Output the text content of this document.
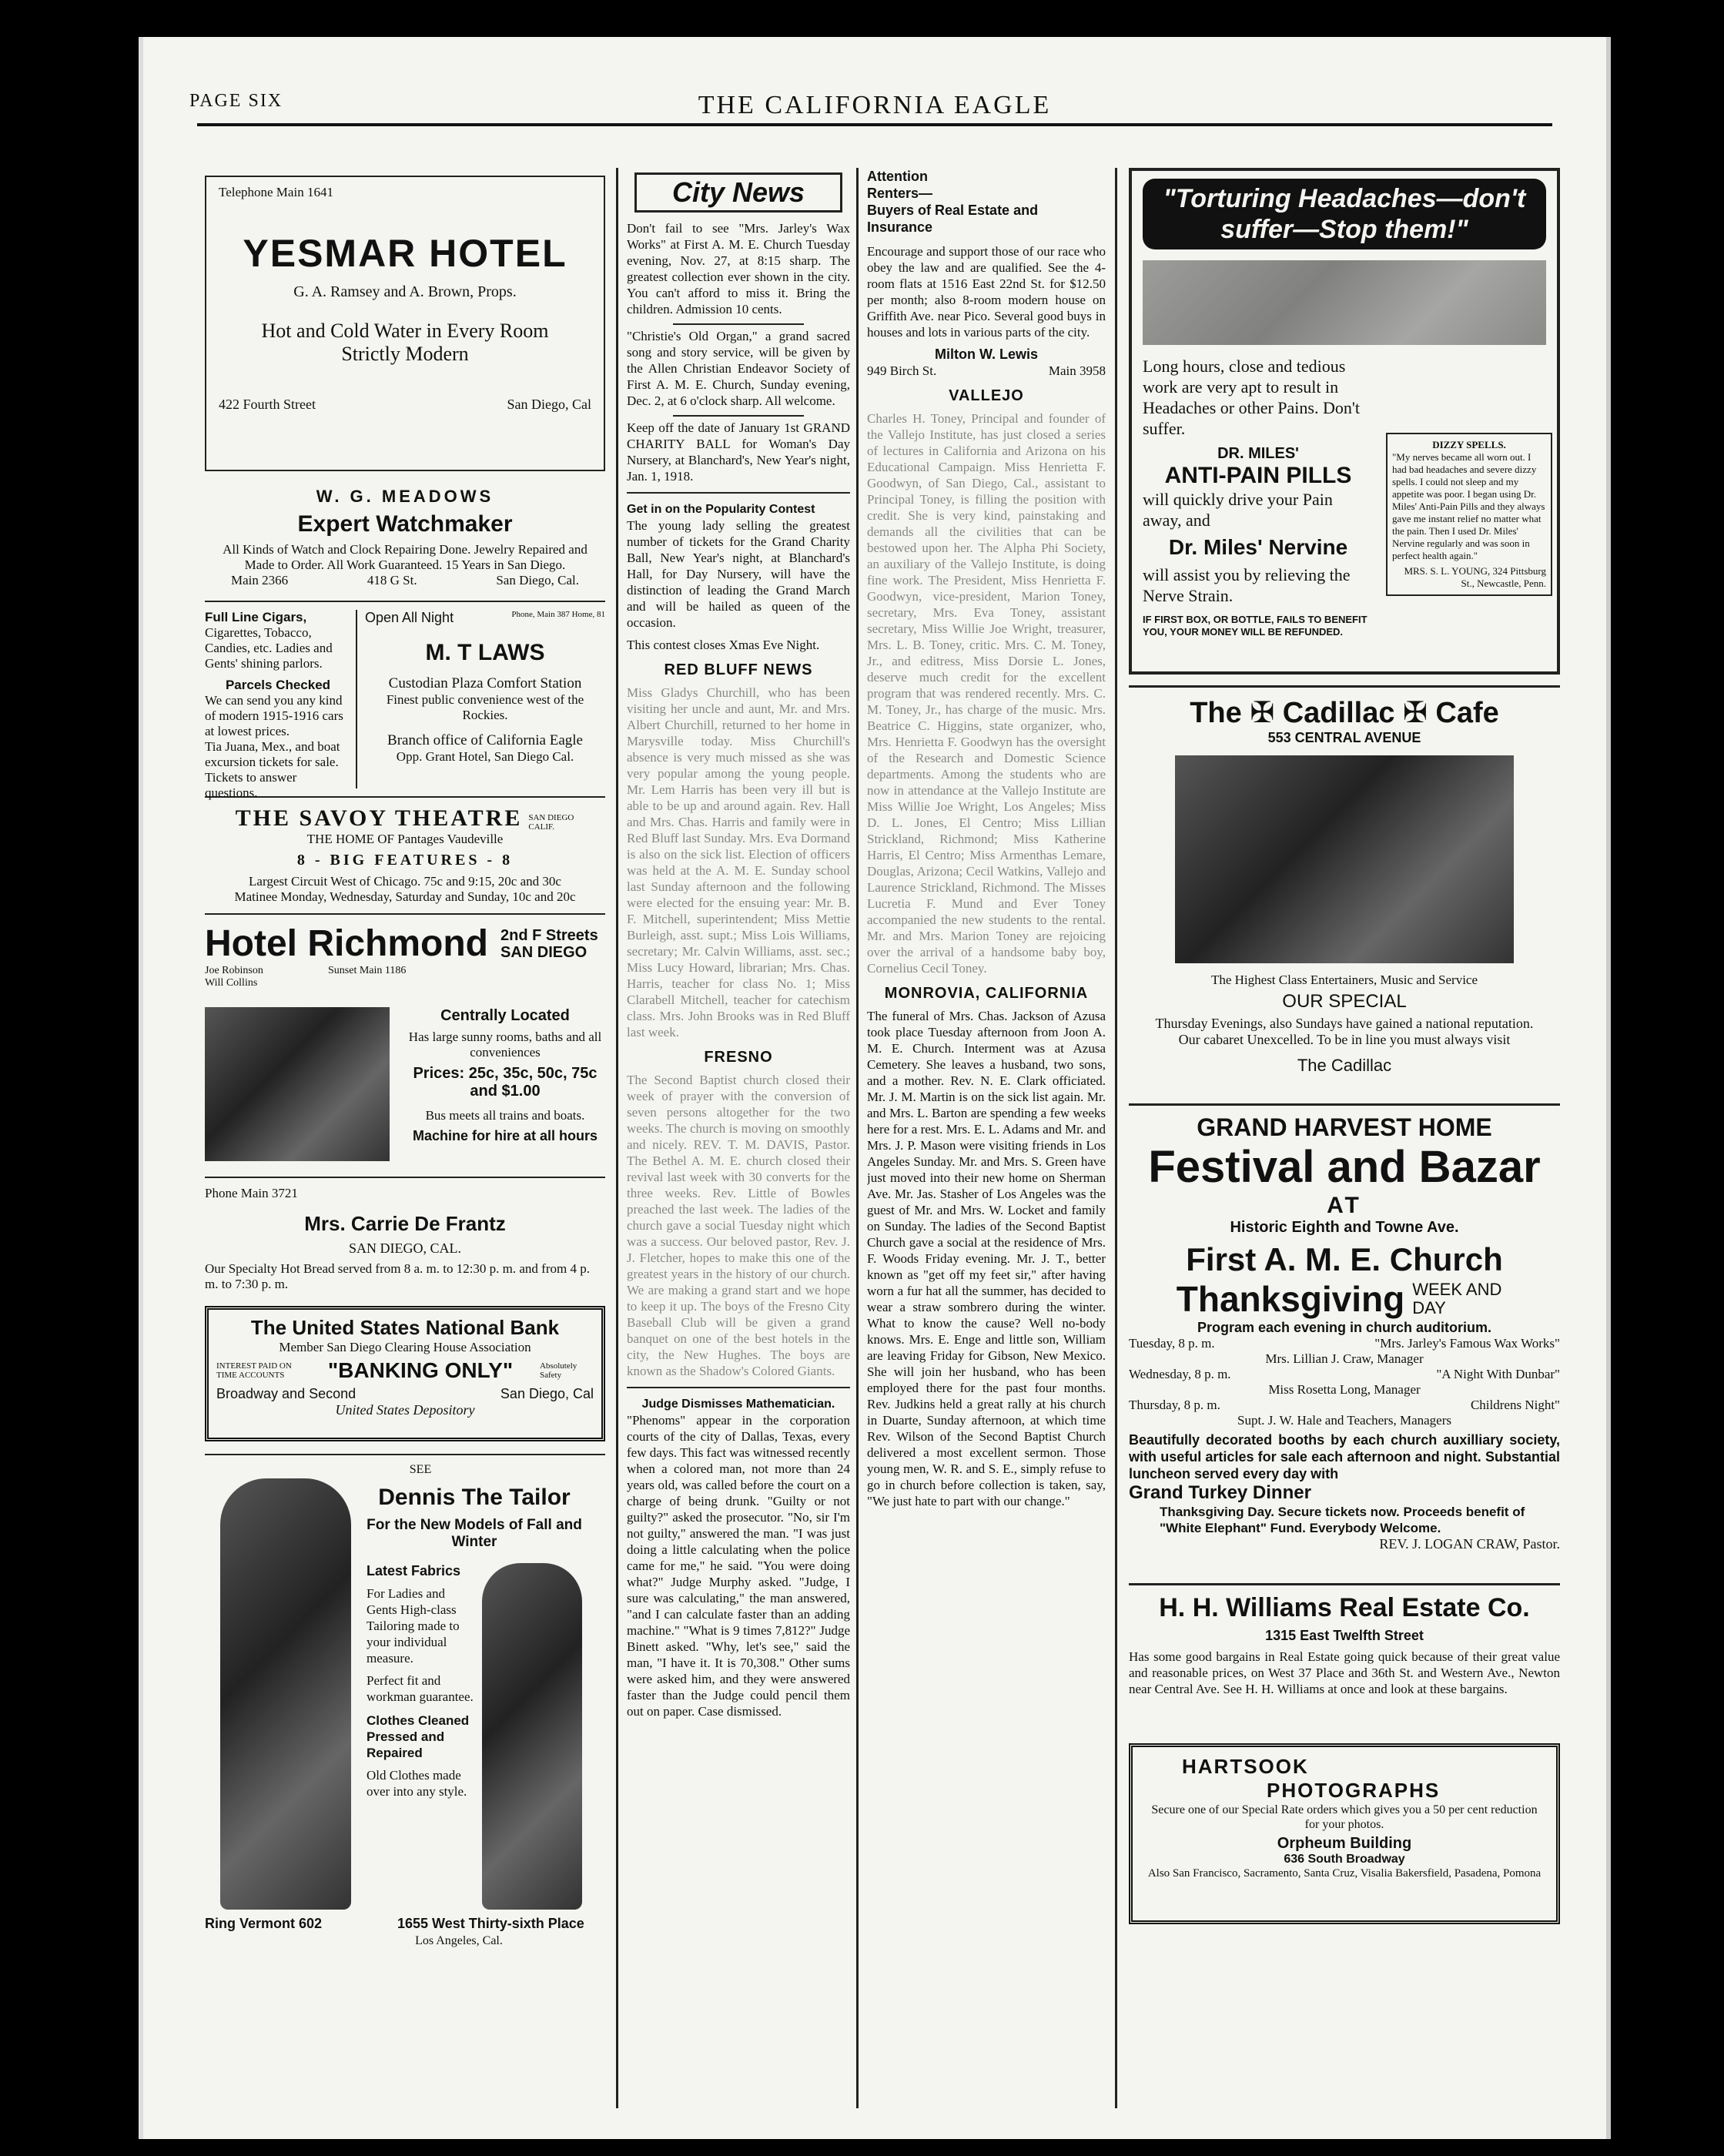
PAGE SIX	THE CALIFORNIA EAGLE
Telephone Main 1641
YESMAR HOTEL
G. A. Ramsey and A. Brown, Props.
Hot and Cold Water in Every Room
Strictly Modern
422 Fourth Street	San Diego, Cal
W. G. MEADOWS
Expert Watchmaker
All Kinds of Watch and Clock Repairing Done. Jewelry Repaired and Made to Order. All Work Guaranteed. 15 Years in San Diego.
Main 2366	418 G St.	San Diego, Cal.
Full Line Cigars,
Cigarettes, Tobacco, Candies, etc. Ladies and Gents' shining parlors.
Parcels Checked
We can send you any kind of modern 1915-1916 cars at lowest prices.
Tia Juana, Mex., and boat excursion tickets for sale.
Tickets to answer questions.
Open All Night	Phone, Main 387 Home, 81
M. T LAWS
Custodian Plaza Comfort Station
Finest public convenience west of the Rockies.
Branch office of California Eagle
Opp. Grant Hotel, San Diego Cal.
THE SAVOY THEATRE SAN DIEGO CALIF.
THE HOME OF Pantages Vaudeville
8 - BIG FEATURES - 8
Largest Circuit West of Chicago. 75c and 9:15, 20c and 30c
Matinee Monday, Wednesday, Saturday and Sunday, 10c and 20c
Hotel Richmond 2nd F Streets
SAN DIEGO
Joe Robinson Will Collins
Sunset Main 1186
Centrally Located
Has large sunny rooms, baths and all conveniences
Prices: 25c, 35c, 50c, 75c and $1.00
Bus meets all trains and boats.
Machine for hire at all hours
Phone Main 3721
Mrs. Carrie De Frantz
SAN DIEGO, CAL.
Our Specialty Hot Bread served from 8 a. m. to 12:30 p. m. and from 4 p. m. to 7:30 p. m.
The United States National Bank
Member San Diego Clearing House Association
INTEREST PAID ON TIME ACCOUNTS	"BANKING ONLY"	Absolutely Safety
Broadway and Second	San Diego, Cal
United States Depository
SEE
Dennis The Tailor
For the New Models of Fall and Winter
Latest Fabrics
For Ladies and Gents High-class Tailoring made to your individual measure.
Perfect fit and workman guarantee.
Clothes Cleaned Pressed and Repaired
Old Clothes made over into any style.
Ring Vermont 602	1655 West Thirty-sixth Place
Los Angeles, Cal.
City News

Don't fail to see "Mrs. Jarley's Wax Works" at First A. M. E. Church Tuesday evening, Nov. 27, at 8:15 sharp. The greatest collection ever shown in the city. You can't afford to miss it. Bring the children. Admission 10 cents.

"Christie's Old Organ," a grand sacred song and story service, will be given by the Allen Christian Endeavor Society of First A. M. E. Church, Sunday evening, Dec. 2, at 6 o'clock sharp. All welcome.

Keep off the date of January 1st GRAND CHARITY BALL for Woman's Day Nursery, at Blanchard's, New Year's night, Jan. 1, 1918.

Get in on the Popularity Contest

The young lady selling the greatest number of tickets for the Grand Charity Ball, New Year's night, at Blanchard's Hall, for Day Nursery, will have the distinction of leading the Grand March and will be hailed as queen of the occasion.

This contest closes Xmas Eve Night.

RED BLUFF NEWS

Miss Gladys Churchill, who has been visiting her uncle and aunt, Mr. and Mrs. Albert Churchill, returned to her home in Marysville today. Miss Churchill's absence is very much missed as she was very popular among the young people. Mr. Lem Harris has been very ill but is able to be up and around again. Rev. Hall and Mrs. Chas. Harris and family were in Red Bluff last Sunday. Mrs. Eva Dormand is also on the sick list. Election of officers was held at the A. M. E. Sunday school last Sunday afternoon and the following were elected for the ensuing year: Mr. B. F. Mitchell, superintendent; Miss Mettie Burleigh, asst. supt.; Miss Lois Williams, secretary; Mr. Calvin Williams, asst. sec.; Miss Lucy Howard, librarian; Mrs. Chas. Harris, teacher for class No. 1; Miss Clarabell Mitchell, teacher for catechism class. Mrs. John Brooks was in Red Bluff last week.

FRESNO

The Second Baptist church closed their week of prayer with the conversion of seven persons altogether for the two weeks. The church is moving on smoothly and nicely. REV. T. M. DAVIS, Pastor. The Bethel A. M. E. church closed their revival last week with 30 converts for the three weeks. Rev. Little of Bowles preached the last week. The ladies of the church gave a social Tuesday night which was a success. Our beloved pastor, Rev. J. J. Fletcher, hopes to make this one of the greatest years in the history of our church. We are making a grand start and we hope to keep it up. The boys of the Fresno City Baseball Club will be given a grand banquet on one of the best hotels in the city, the New Hughes. The boys are known as the Shadow's Colored Giants.

Judge Dismisses Mathematician.

"Phenoms" appear in the corporation courts of the city of Dallas, Texas, every few days. This fact was witnessed recently when a colored man, not more than 24 years old, was called before the court on a charge of being drunk. "Guilty or not guilty?" asked the prosecutor. "No, sir I'm not guilty," answered the man. "I was just doing a little calculating when the police came for me," he said. "You were doing what?" Judge Murphy asked. "Judge, I sure was calculating," the man answered, "and I can calculate faster than an adding machine." "What is 9 times 7,812?" Judge Binett asked. "Why, let's see," said the man, "I have it. It is 70,308." Other sums were asked him, and they were answered faster than the Judge could pencil them out on paper. Case dismissed.

Attention
Renters—
Buyers of Real Estate and Insurance

Encourage and support those of our race who obey the law and are qualified. See the 4-room flats at 1516 East 22nd St. for $12.50 per month; also 8-room modern house on Griffith Ave. near Pico. Several good buys in houses and lots in various parts of the city.

Milton W. Lewis
949 Birch St.	Main 3958
VALLEJO

Charles H. Toney, Principal and founder of the Vallejo Institute, has just closed a series of lectures in California and Arizona on his Educational Campaign. Miss Henrietta F. Goodwyn, of San Diego, Cal., assistant to Principal Toney, is filling the position with credit. She is very kind, painstaking and demands all the civilities that can be bestowed upon her. The Alpha Phi Society, an auxiliary of the Vallejo Institute, is doing fine work. The President, Miss Henrietta F. Goodwyn, vice-president, Marion Toney, secretary, Mrs. Eva Toney, assistant secretary, Miss Willie Joe Wright, treasurer, Mrs. L. B. Toney, critic. Mrs. C. M. Toney, Jr., and editress, Miss Dorsie L. Jones, deserve much credit for the excellent program that was rendered recently. Mrs. C. M. Toney, Jr., has charge of the music. Mrs. Beatrice C. Higgins, state organizer, who, Mrs. Henrietta F. Goodwyn has the oversight of the Research and Domestic Science departments. Among the students who are now in attendance at the Vallejo Institute are Miss Willie Joe Wright, Los Angeles; Miss D. L. Jones, El Centro; Miss Lillian Strickland, Richmond; Miss Katherine Harris, El Centro; Miss Armenthas Lemare, Douglas, Arizona; Cecil Watkins, Vallejo and Laurence Strickland, Richmond. The Misses Lucretia F. Mund and Ever Toney accompanied the new students to the rental. Mr. and Mrs. Marion Toney are rejoicing over the arrival of a handsome baby boy, Cornelius Cecil Toney.

MONROVIA, CALIFORNIA

The funeral of Mrs. Chas. Jackson of Azusa took place Tuesday afternoon from Joon A. M. E. Church. Interment was at Azusa Cemetery. She leaves a husband, two sons, and a mother. Rev. N. E. Clark officiated. Mr. J. M. Martin is on the sick list again. Mr. and Mrs. L. Barton are spending a few weeks here for a rest. Mrs. E. L. Adams and Mr. and Mrs. J. P. Mason were visiting friends in Los Angeles Sunday. Mr. and Mrs. S. Green have just moved into their new home on Sherman Ave. Mr. Jas. Stasher of Los Angeles was the guest of Mr. and Mrs. W. Locket and family on Sunday. The ladies of the Second Baptist Church gave a social at the residence of Mrs. F. Woods Friday evening. Mr. J. T., better known as "get off my feet sir," after having worn a fur hat all the summer, has decided to wear a straw sombrero during the winter. What to know the cause? Well no-body knows. Mrs. E. Enge and little son, William are leaving Friday for Gibson, New Mexico. She will join her husband, who has been employed there for the past four months. Rev. Judkins held a great rally at his church in Duarte, Sunday afternoon, at which time Rev. Wilson of the Second Baptist Church delivered a most excellent sermon. Those young men, W. R. and S. E., simply refuse to go in church before collection is taken, say, "We just hate to part with our change."

"Torturing Headaches—don't suffer—Stop them!"
Long hours, close and tedious work are very apt to result in Headaches or other Pains. Don't suffer.
DR. MILES'
ANTI-PAIN PILLS
will quickly drive your Pain away, and
Dr. Miles' Nervine
will assist you by relieving the Nerve Strain.
IF FIRST BOX, OR BOTTLE, FAILS TO BENEFIT YOU, YOUR MONEY WILL BE REFUNDED.
DIZZY SPELLS.
"My nerves became all worn out. I had bad headaches and severe dizzy spells. I could not sleep and my appetite was poor. I began using Dr. Miles' Anti-Pain Pills and they always gave me instant relief no matter what the pain. Then I used Dr. Miles' Nervine regularly and was soon in perfect health again."
MRS. S. L. YOUNG, 324 Pittsburg St., Newcastle, Penn.
The ✠ Cadillac ✠ Cafe
553 CENTRAL AVENUE
The Highest Class Entertainers, Music and Service
OUR SPECIAL
Thursday Evenings, also Sundays have gained a national reputation.
Our cabaret Unexcelled. To be in line you must always visit
The Cadillac
GRAND HARVEST HOME
Festival and Bazar
AT
Historic Eighth and Towne Ave.
First A. M. E. Church
Thanksgiving WEEK AND DAY
Program each evening in church auditorium.
Tuesday, 8 p. m.	"Mrs. Jarley's Famous Wax Works"
Mrs. Lillian J. Craw, Manager
Wednesday, 8 p. m.	"A Night With Dunbar"
Miss Rosetta Long, Manager
Thursday, 8 p. m.	Childrens Night"
Supt. J. W. Hale and Teachers, Managers
Beautifully decorated booths by each church auxilliary society, with useful articles for sale each afternoon and night. Substantial luncheon served every day with
Grand Turkey Dinner
Thanksgiving Day. Secure tickets now. Proceeds benefit of "White Elephant" Fund. Everybody Welcome.
REV. J. LOGAN CRAW, Pastor.
H. H. Williams Real Estate Co.
1315 East Twelfth Street
Has some good bargains in Real Estate going quick because of their great value and reasonable prices, on West 37 Place and 36th St. and Western Ave., Newton near Central Ave. See H. H. Williams at once and look at these bargains.
HARTSOOK
PHOTOGRAPHS
Secure one of our Special Rate orders which gives you a 50 per cent reduction for your photos.
Orpheum Building
636 South Broadway
Also San Francisco, Sacramento, Santa Cruz, Visalia Bakersfield, Pasadena, Pomona
